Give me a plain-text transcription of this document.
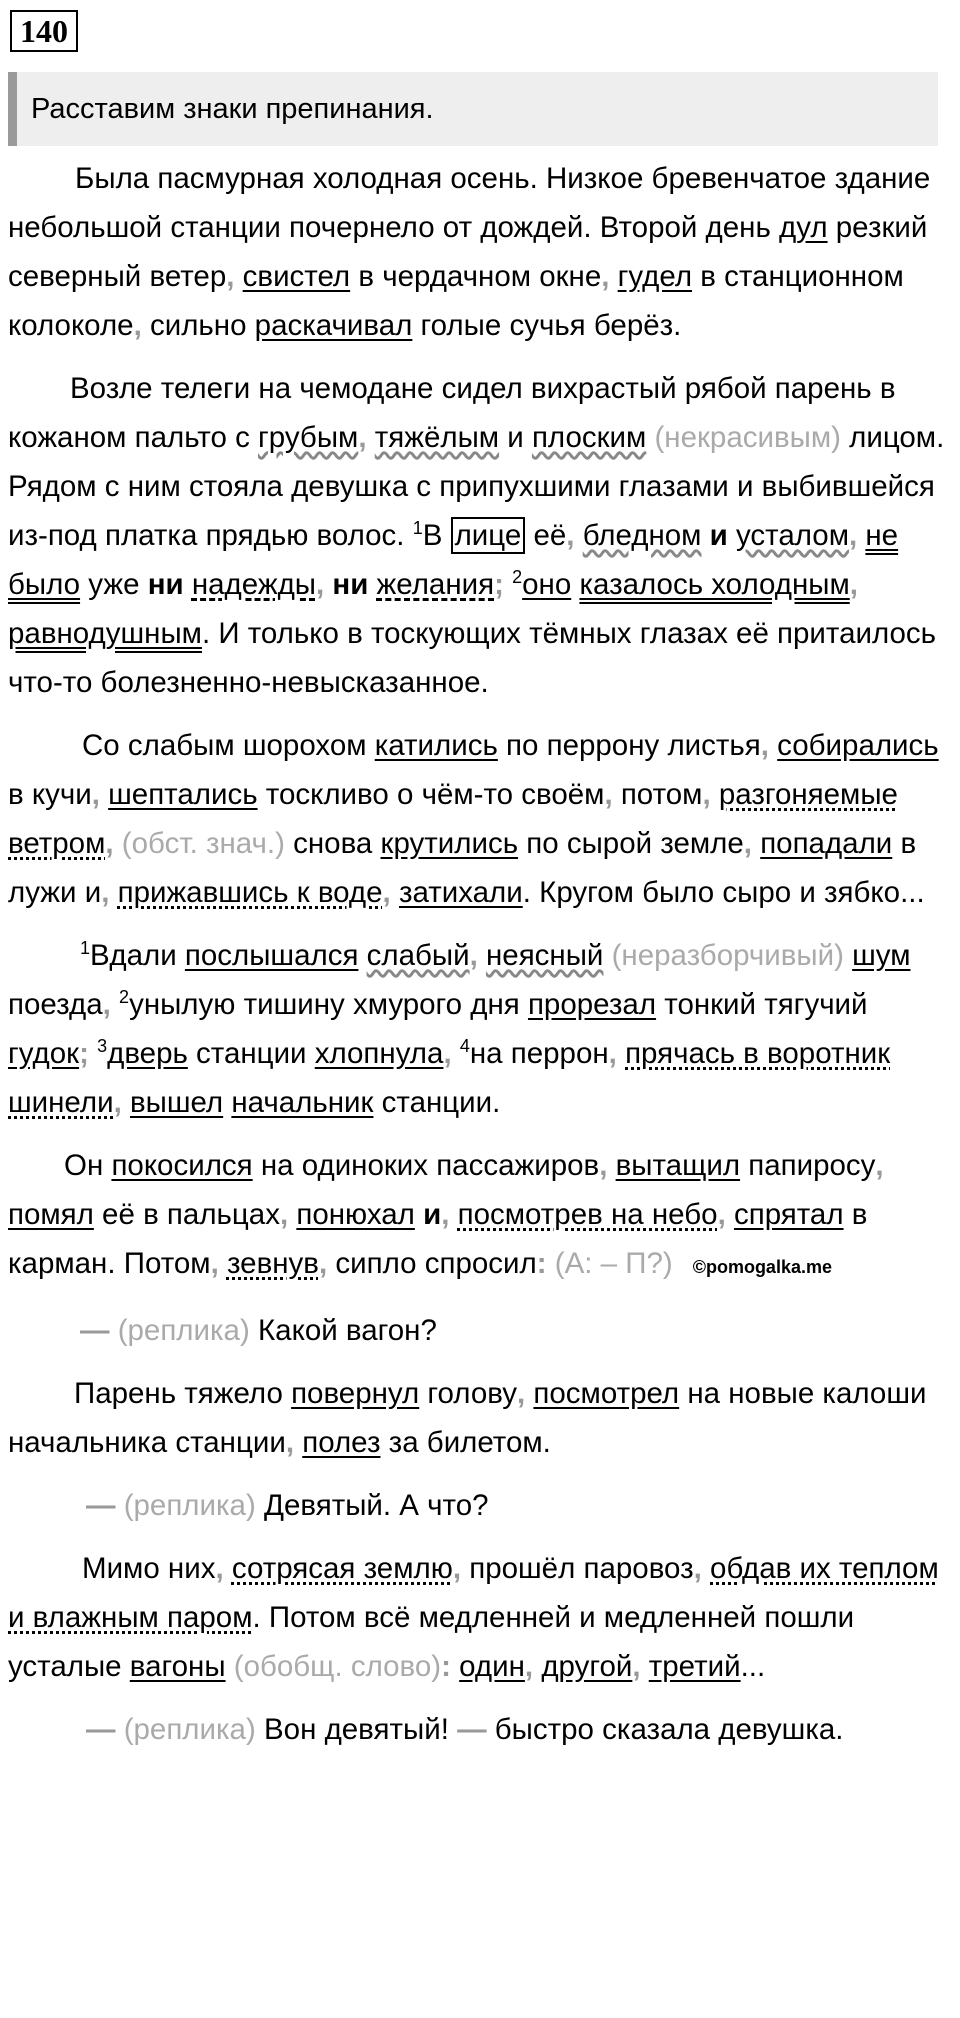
140
Расставим знаки препинания.

Была пасмурная холодная осень. Низкое бревенчатое здание небольшой станции почернело от дождей. Второй день дул резкий северный ветер, свистел в чердачном окне, гудел в станционном колоколе, сильно раскачивал голые сучья берёз.

Возле телеги на чемодане сидел вихрастый рябой парень в кожаном пальто с грубым, тяжёлым и плоским (некрасивым) лицом. Рядом с ним стояла девушка с припухшими глазами и выбившейся из-под платка прядью волос. $^1$В лице её, бледном и усталом, не было уже ни надежды, ни желания; $^2$оно казалось холодным, равнодушным. И только в тоскующих тёмных глазах её притаилось что-то болезненно-невысказанное.

Со слабым шорохом катились по перрону листья, собирались в кучи, шептались тоскливо о чём-то своём, потом, разгоняемые ветром, (обст. знач.) снова крутились по сырой земле, попадали в лужи и, прижавшись к воде, затихали. Кругом было сыро и зябко...

$^1$Вдали послышался слабый, неясный (неразборчивый) шум поезда, $^2$унылую тишину хмурого дня прорезал тонкий тягучий гудок; $^3$дверь станции хлопнула, $^4$на перрон, прячась в воротник шинели, вышел начальник станции.

Он покосился на одиноких пассажиров, вытащил папиросу, помял её в пальцах, понюхал и, посмотрев на небо, спрятал в карман. Потом, зевнув, сипло спросил: (А: – П?) ©pomogalka.me

— (реплика) Какой вагон?

Парень тяжело повернул голову, посмотрел на новые калоши начальника станции, полез за билетом.

— (реплика) Девятый. А что?

Мимо них, сотрясая землю, прошёл паровоз, обдав их теплом и влажным паром. Потом всё медленней и медленней пошли усталые вагоны (обобщ. слово): один, другой, третий...

— (реплика) Вон девятый! — быстро сказала девушка.
